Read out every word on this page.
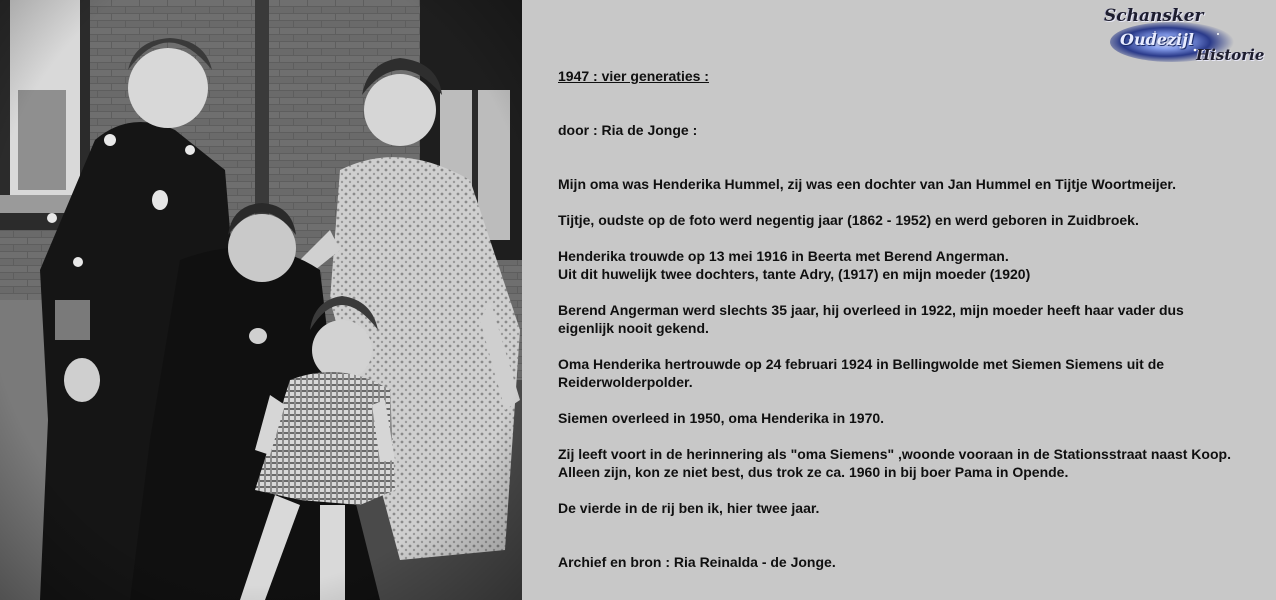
Schansker
Oudezijl
Historie
1947 : vier generaties :
door : Ria de Jonge :
Mijn oma was Henderika Hummel, zij was een dochter van Jan Hummel en Tijtje Woortmeijer.
Tijtje, oudste op de foto werd negentig jaar (1862 - 1952) en werd geboren in Zuidbroek.
Henderika trouwde op 13 mei 1916 in Beerta met Berend Angerman.
Uit dit huwelijk twee dochters, tante Adry, (1917) en mijn moeder (1920)
Berend Angerman werd slechts 35 jaar, hij overleed in 1922, mijn moeder heeft haar vader dus
eigenlijk nooit gekend.
Oma Henderika hertrouwde op 24 februari 1924 in Bellingwolde met Siemen Siemens uit de
Reiderwolderpolder.
Siemen overleed in 1950, oma Henderika in 1970.
Zij leeft voort in de herinnering als "oma Siemens" ,woonde vooraan in de Stationsstraat naast Koop.
Alleen zijn, kon ze niet best, dus trok ze ca. 1960 in bij boer Pama in Opende.
De vierde in de rij ben ik, hier twee jaar.
Archief en bron : Ria Reinalda - de Jonge.
